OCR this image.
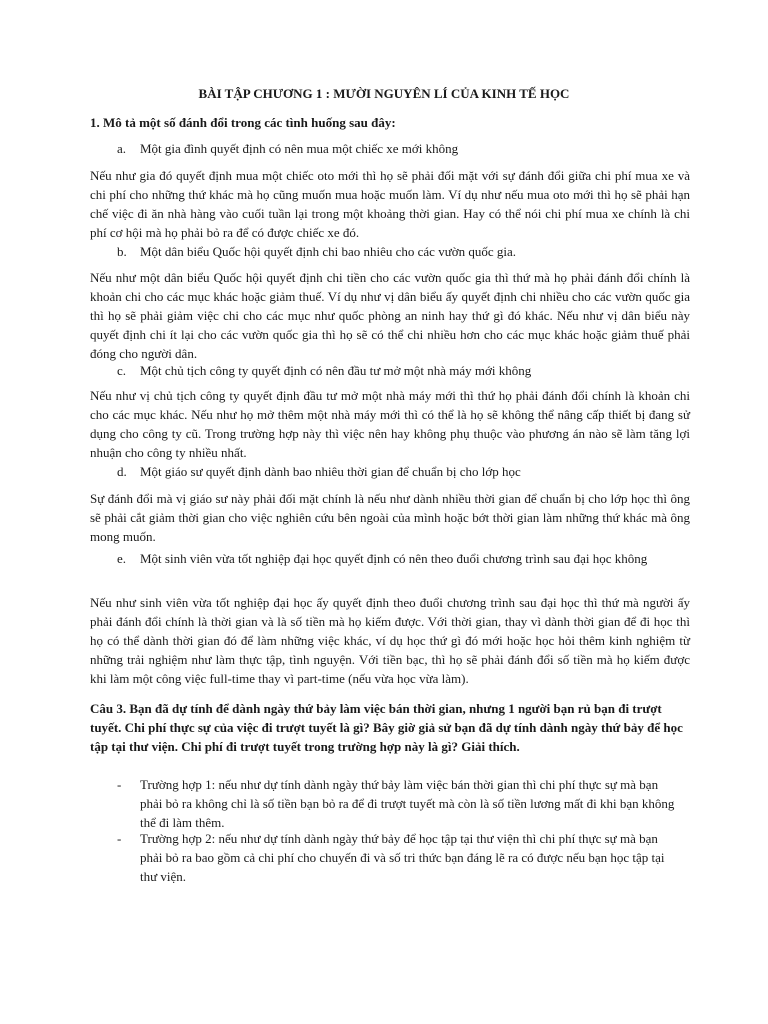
BÀI TẬP CHƯƠNG 1 : MƯỜI NGUYÊN LÍ CỦA KINH TẾ HỌC
1. Mô tả một số đánh đổi trong các tình huống sau đây:
a. Một gia đình quyết định có nên mua một chiếc xe mới không
Nếu như gia đó quyết định mua một chiếc oto mới thì họ sẽ phải đối mặt với sự đánh đổi giữa chi phí mua xe và chi phí cho những thứ khác mà họ cũng muốn mua hoặc muốn làm. Ví dụ như nếu mua oto mới thì họ sẽ phải hạn chế việc đi ăn nhà hàng vào cuối tuần lại trong một khoảng thời gian. Hay có thể nói chi phí mua xe chính là chi phí cơ hội mà họ phải bỏ ra để có được chiếc xe đó.
b. Một dân biểu Quốc hội quyết định chi bao nhiêu cho các vườn quốc gia.
Nếu như một dân biểu Quốc hội quyết định chi tiền cho các vườn quốc gia thì thứ mà họ phải đánh đổi chính là khoản chi cho các mục khác hoặc giảm thuế. Ví dụ như vị dân biểu ấy quyết định chi nhiều cho các vườn quốc gia thì họ sẽ phải giảm việc chi cho các mục như quốc phòng an ninh hay thứ gì đó khác. Nếu như vị dân biểu này quyết định chi ít lại cho các vườn quốc gia thì họ sẽ có thể chi nhiều hơn cho các mục khác hoặc giảm thuế phải đóng cho người dân.
c. Một chủ tịch công ty quyết định có nên đầu tư mở một nhà máy mới không
Nếu như vị chủ tịch công ty quyết định đầu tư mở một nhà máy mới thì thứ họ phải đánh đổi chính là khoản chi cho các mục khác. Nếu như họ mở thêm một nhà máy mới thì có thể là họ sẽ không thể nâng cấp thiết bị đang sử dụng cho công ty cũ. Trong trường hợp này thì việc nên hay không phụ thuộc vào phương án nào sẽ làm tăng lợi nhuận cho công ty nhiều nhất.
d. Một giáo sư quyết định dành bao nhiêu thời gian để chuẩn bị cho lớp học
Sự đánh đổi mà vị giáo sư này phải đối mặt chính là nếu như dành nhiều thời gian để chuẩn bị cho lớp học thì ông sẽ phải cắt giảm thời gian cho việc nghiên cứu bên ngoài của mình hoặc bớt thời gian làm những thứ khác mà ông mong muốn.
e. Một sinh viên vừa tốt nghiệp đại học quyết định có nên theo đuổi chương trình sau đại học không
Nếu như sinh viên vừa tốt nghiệp đại học ấy quyết định theo đuổi chương trình sau đại học thì thứ mà người ấy phải đánh đổi chính là thời gian và là số tiền mà họ kiếm được. Với thời gian, thay vì dành thời gian để đi học thì họ có thể dành thời gian đó để làm những việc khác, ví dụ học thứ gì đó mới hoặc học hỏi thêm kinh nghiệm từ những trải nghiệm như làm thực tập, tình nguyện. Với tiền bạc, thì họ sẽ phải đánh đổi số tiền mà họ kiếm được khi làm một công việc full-time thay vì part-time (nếu vừa học vừa làm).
Câu 3. Bạn đã dự tính để dành ngày thứ bảy làm việc bán thời gian, nhưng 1 người bạn rủ bạn đi trượt tuyết. Chi phí thực sự của việc đi trượt tuyết là gì? Bây giờ giả sử bạn đã dự tính dành ngày thứ bảy để học tập tại thư viện. Chi phí đi trượt tuyết trong trường hợp này là gì? Giải thích.
- Trường hợp 1: nếu như dự tính dành ngày thứ bảy làm việc bán thời gian thì chi phí thực sự mà bạn phải bỏ ra không chỉ là số tiền bạn bỏ ra để đi trượt tuyết mà còn là số tiền lương mất đi khi bạn không thể đi làm thêm.
- Trường hợp 2: nếu như dự tính dành ngày thứ bảy để học tập tại thư viện thì chi phí thực sự mà bạn phải bỏ ra bao gồm cả chi phí cho chuyến đi và số tri thức bạn đáng lẽ ra có được nếu bạn học tập tại thư viện.
